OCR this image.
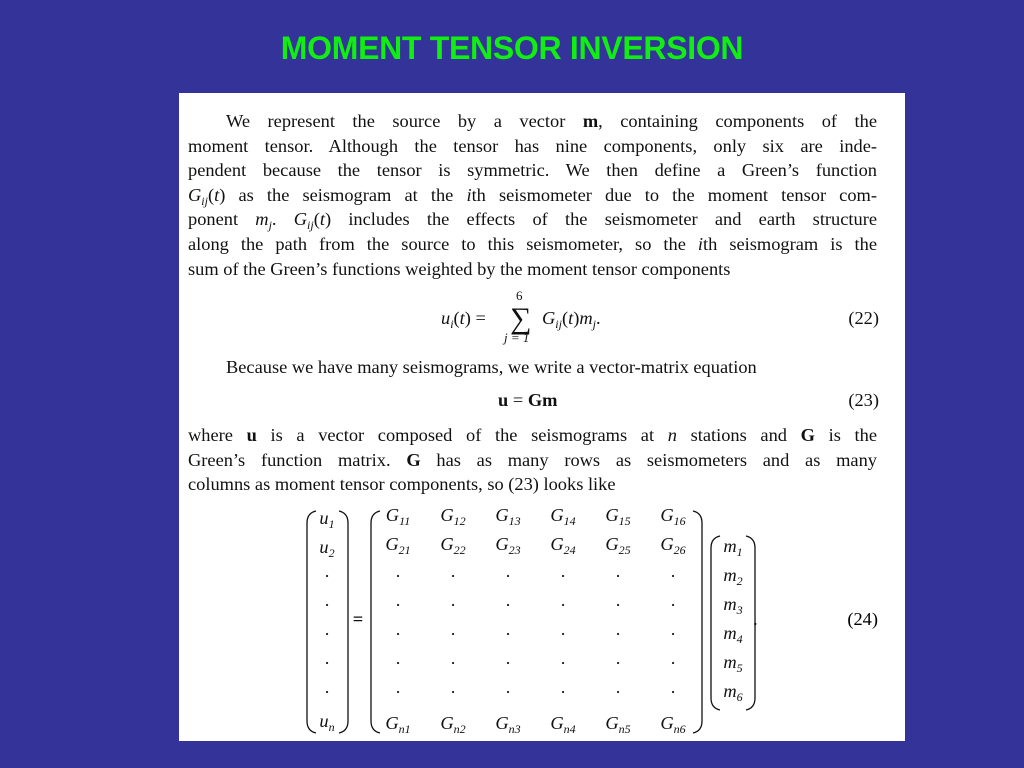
MOMENT TENSOR INVERSION
We represent the source by a vector m, containing components of the
moment tensor. Although the tensor has nine components, only six are inde-
pendent because the tensor is symmetric. We then define a Green’s function
$G_{ij}(t)$ as the seismogram at the ith seismometer due to the moment tensor com-
ponent $m_j$. $G_{ij}(t)$ includes the effects of the seismometer and earth structure
along the path from the source to this seismometer, so the ith seismogram is the
sum of the Green’s functions weighted by the moment tensor components
$u_i(t)$ =
6
∑
j = 1
$G_{ij}(t)m_j$.	(22)
Because we have many seismograms, we write a vector-matrix equation
u = Gm	(23)
where u is a vector composed of the seismograms at n stations and G is the
Green’s function matrix. G has as many rows as seismometers and as many
columns as moment tensor components, so (23) looks like
$u_1$
$u_2$
·
·
·
·
·
$u_n$
$G_{11}$	$G_{12}$	$G_{13}$	$G_{14}$	$G_{15}$	$G_{16}$
$G_{21}$	$G_{22}$	$G_{23}$	$G_{24}$	$G_{25}$	$G_{26}$
·	·	·	·	·	·
·	·	·	·	·	·
·	·	·	·	·	·
·	·	·	·	·	·
·	·	·	·	·	·
$G_{n1}$	$G_{n2}$	$G_{n3}$	$G_{n4}$	$G_{n5}$	$G_{n6}$
$m_1$
$m_2$
$m_3$
$m_4$
$m_5$
$m_6$
=	.	(24)
